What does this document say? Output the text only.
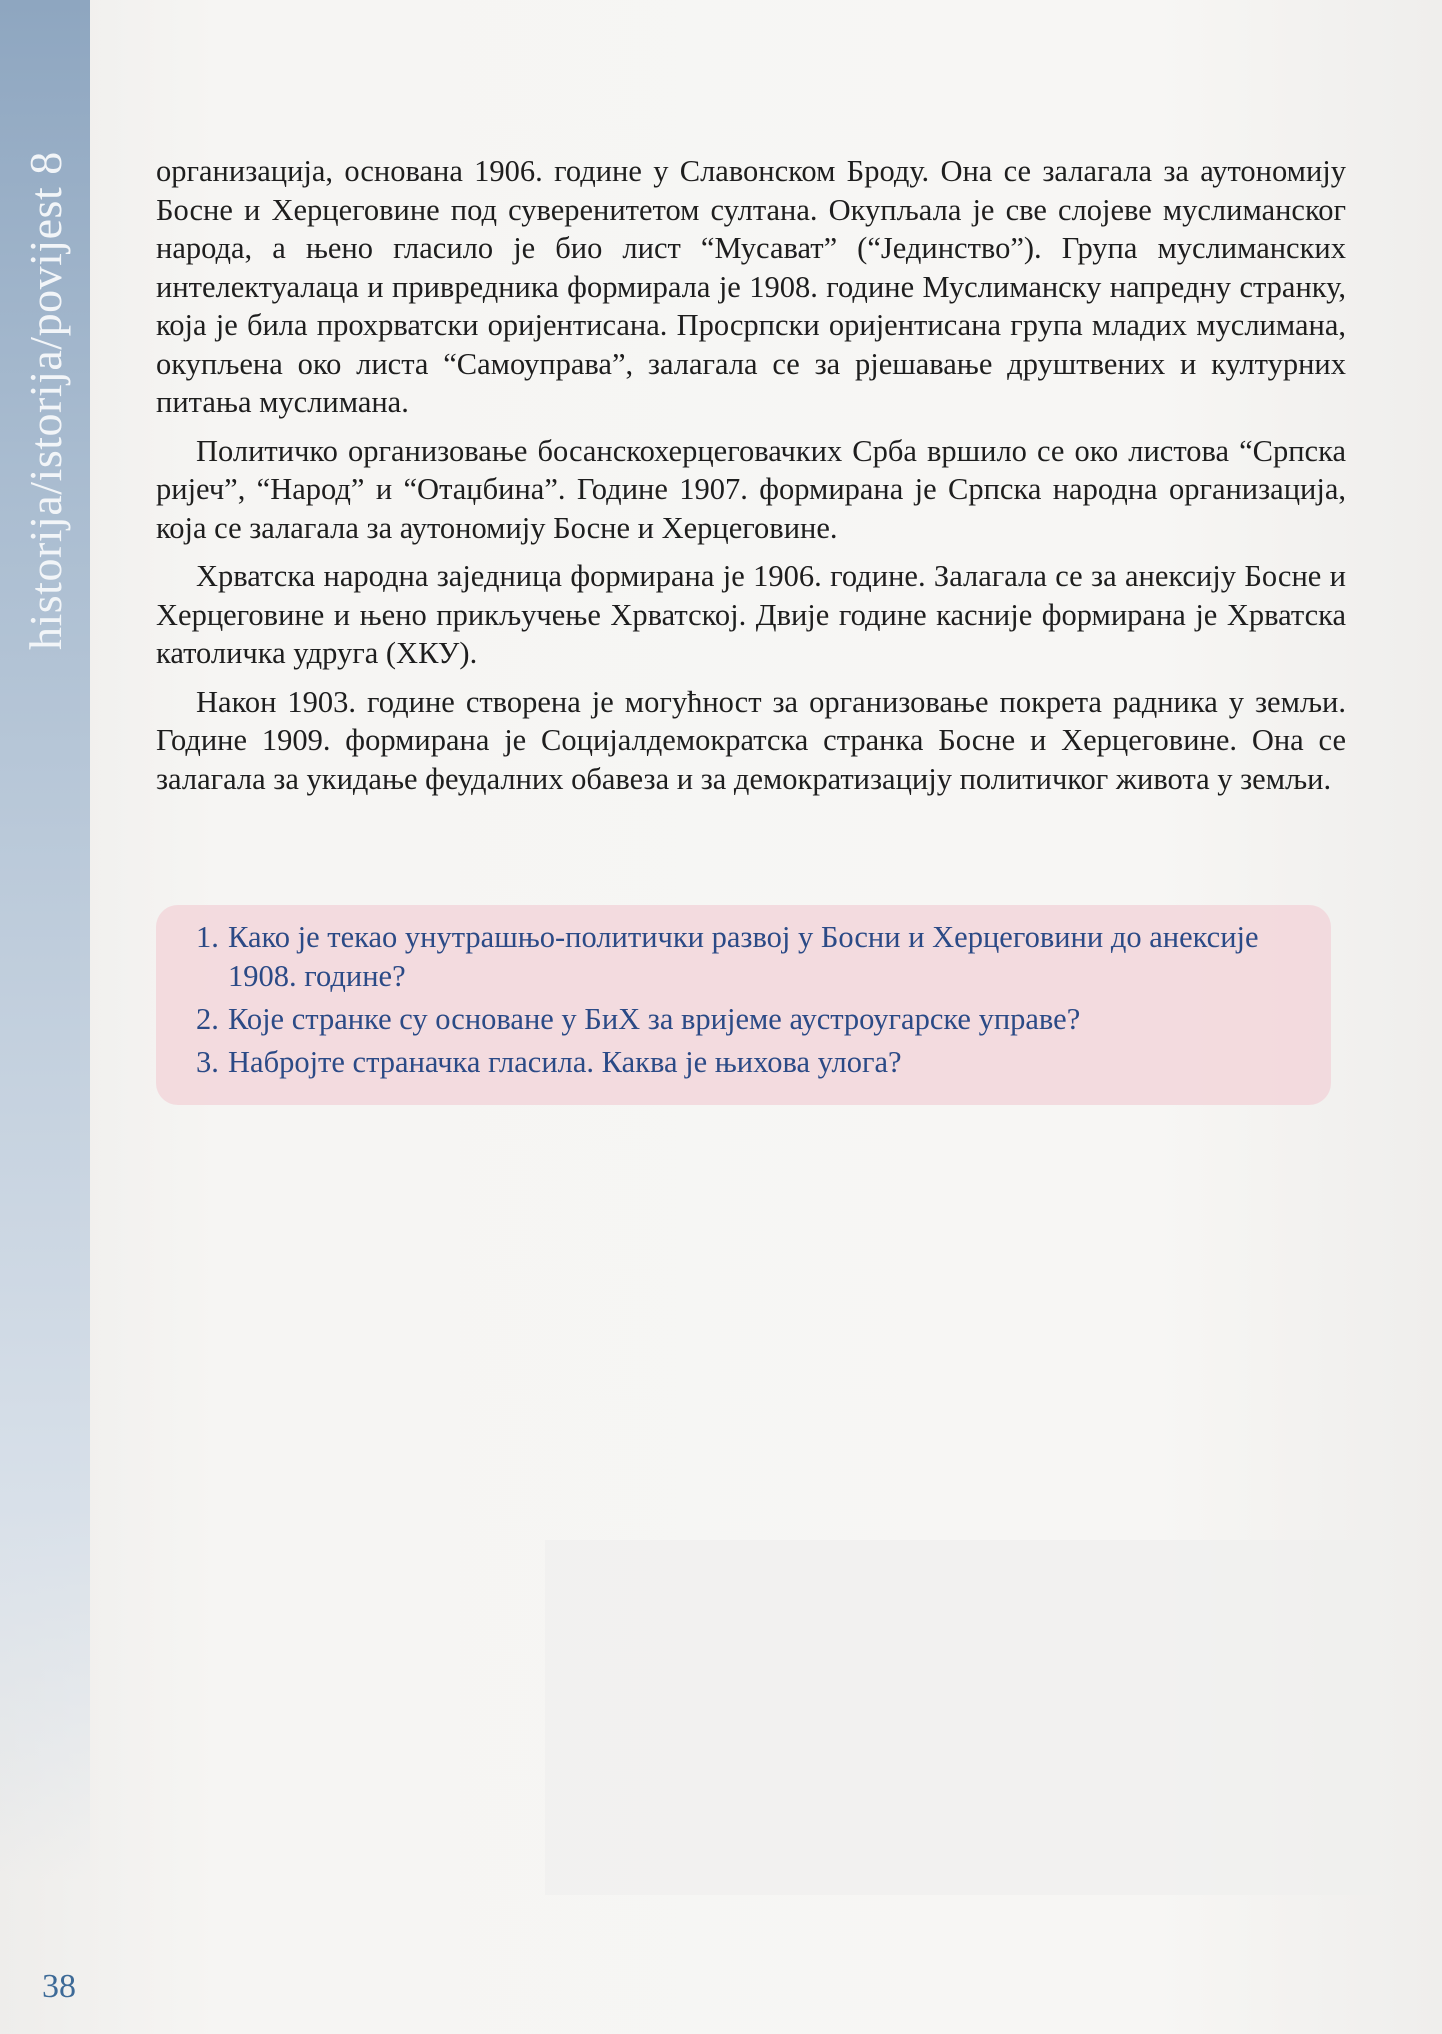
historija/istorija/povijest 8	организација, основана 1906. године у Славонском Броду. Она се залагала за аутономију Босне и Херцеговине под суверенитетом султана. Окупљала је све слојеве муслиманског народа, а њено гласило је био лист “Мусават” (“Јединство”). Група муслиманских интелектуалаца и привредника формирала је 1908. године Муслиманску напредну странку, која је била прохрватски оријентисана. Просрпски оријентисана група младих муслимана, окупљена око листа “Самоуправа”, залагала се за рјешавање друштвених и културних питања муслимана.

Политичко организовање босанскохерцеговачких Срба вршило се око листова “Српска ријеч”, “Народ” и “Отаџбина”. Године 1907. формирана је Српска народна организација, која се залагала за аутономију Босне и Херцеговине.

Хрватска народна заједница формирана је 1906. године. Залагала се за анексију Босне и Херцеговине и њено прикључење Хрватској. Двије године касније формирана је Хрватска католичка удруга (ХКУ).

Након 1903. године створена је могућност за организовање покрета радника у земљи. Године 1909. формирана је Социјалдемократска странка Босне и Херцеговине. Она се залагала за укидање феудалних обавеза и за демократизацију политичког живота у земљи.

1. Како је текао унутрашњо-политички развој у Босни и Херцеговини до анексије 1908. године?
2. Које странке су основане у БиХ за вријеме аустроугарске управе?
3. Набројте страначка гласила. Каква је њихова улога?
38
